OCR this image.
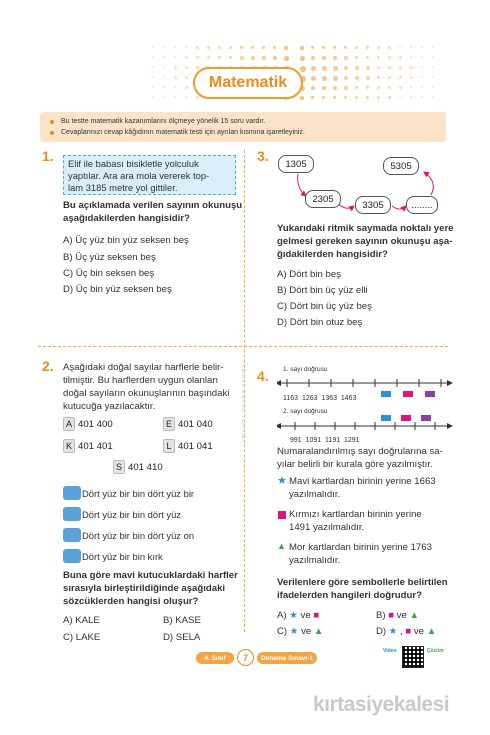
Matematik
Bu testte matematik kazanımlarını ölçmeye yönelik 15 soru vardır.
Cevaplarınızı cevap kâğıdının matematik testi için ayrılan kısmına işaretleyiniz.
Kaliteli Eğitim Yayınları
1. Elif ile babası bisikletle yolculuk
yaptılar. Ara ara mola vererek top-
lam 3185 metre yol gittiler.
Bu açıklamada verilen sayının okunuşu
aşağıdakilerden hangisidir?
A) Üç yüz bin yüz seksen beş
B) Üç yüz seksen beş
C) Üç bin seksen beş
D) Üç bin yüz seksen beş
3.	1305
2305
3305
5305
........
Yukarıdaki ritmik saymada noktalı yere
gelmesi gereken sayının okunuşu aşa-
ğıdakilerden hangisidir?
A) Dört bin beş
B) Dört bin üç yüz elli
C) Dört bin üç yüz beş
D) Dört bin otuz beş
2. Aşağıdaki doğal sayılar harflerle belir-
tilmiştir. Bu harflerden uygun olanları
doğal sayıların okunuşlarının başındaki
kutucuğa yazılacaktır.
A 401 400	E 401 040
K 401 401	L 401 041
S 401 410
Dört yüz bir bin dört yüz bir
Dört yüz bir bin dört yüz
Dört yüz bir bin dört yüz on
Dört yüz bir bin kırk
Buna göre mavi kutucuklardaki harfler
sırasıyla birleştirildiğinde aşağıdaki
sözcüklerden hangisi oluşur?
A) KALE	B) KASE
C) LAKE	D) SELA
4. 1. sayı doğrusu
1163 1263 1363 1463
2. sayı doğrusu
991 1091 1191 1291
Numaralandırılmış sayı doğrularına sa-
yılar belirli bir kurala göre yazılmıştır.
★ Mavi kartlardan birinin yerine 1663
yazılmalıdır.
Kırmızı kartlardan birinin yerine
1491 yazılmalıdır.
▲ Mor kartlardan birinin yerine 1763
yazılmalıdır.
Verilenlere göre sembollerle belirtilen
ifadelerden hangileri doğrudur?
A) ★ ve ■	B) ■ ve ▲
C) ★ ve ▲	D) ★ , ■ ve ▲
4. Sınıf	7	Deneme Sınavı-1
Video	Çözüm
kırtasiyekalesi
